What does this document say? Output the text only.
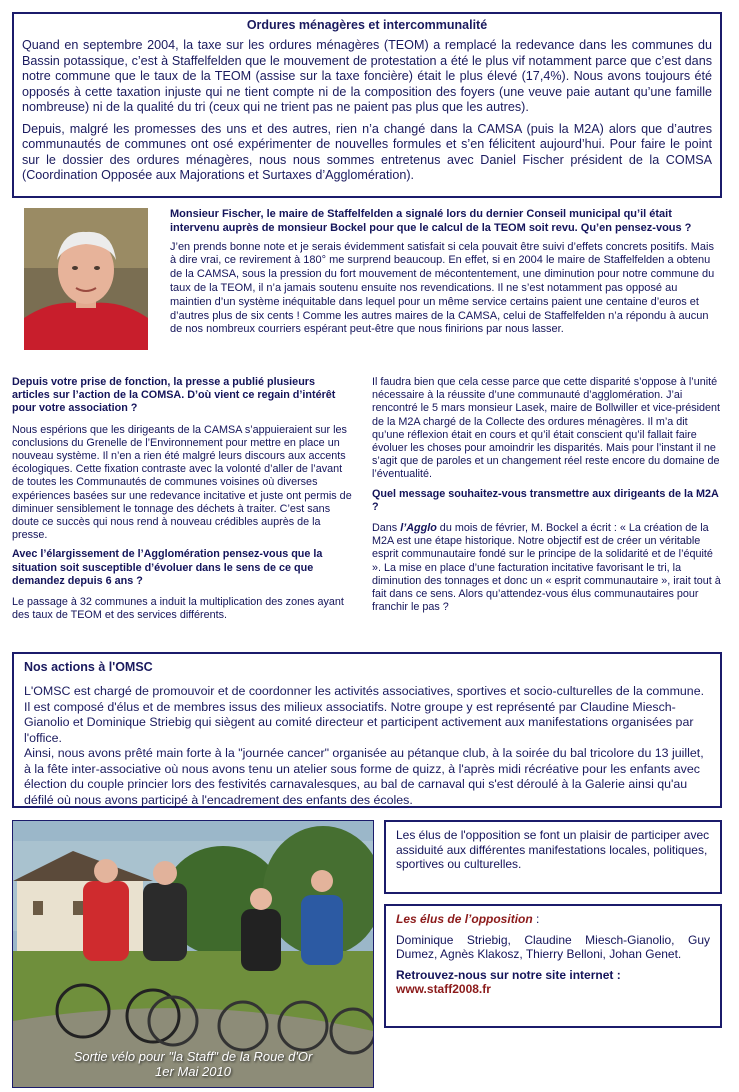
Ordures ménagères et intercommunalité

Quand en septembre 2004, la taxe sur les ordures ménagères (TEOM) a remplacé la redevance dans les communes du Bassin potassique, c’est à Staffelfelden que le mouvement de protestation a été le plus vif notamment parce que c’est dans notre commune que le taux de la TEOM (assise sur la taxe foncière) était le plus élevé (17,4%). Nous avons toujours été opposés à cette taxation injuste qui ne tient compte ni de la composition des foyers (une veuve paie autant qu’une famille nombreuse) ni de la qualité du tri (ceux qui ne trient pas ne paient pas plus que les autres).

Depuis, malgré les promesses des uns et des autres, rien n’a changé dans la CAMSA (puis la M2A) alors que d’autres communautés de communes ont osé expérimenter de nouvelles formules et s’en félicitent aujourd’hui. Pour faire le point sur le dossier des ordures ménagères, nous nous sommes entretenus avec Daniel Fischer président de la COMSA (Coordination Opposée aux Majorations et Surtaxes d’Agglomération).

Monsieur Fischer, le maire de Staffelfelden a signalé lors du dernier Conseil municipal qu’il était intervenu auprès de monsieur Bockel pour que le calcul de la TEOM soit revu. Qu’en pensez-vous ?

J’en prends bonne note et je serais évidemment satisfait si cela pouvait être suivi d’effets concrets positifs. Mais à dire vrai, ce revirement à 180° me surprend beaucoup. En effet, si en 2004 le maire de Staffelfelden a obtenu de la CAMSA, sous la pression du fort mouvement de mécontentement, une diminution pour notre commune du taux de la TEOM, il n’a jamais soutenu ensuite nos revendications. Il ne s’est notamment pas opposé au maintien d’un système inéquitable dans lequel pour un même service certains paient une centaine d’euros et d’autres plus de six cents ! Comme les autres maires de la CAMSA, celui de Staffelfelden n’a répondu à aucun de nos nombreux courriers espérant peut-être que nous finirions par nous lasser.

Depuis votre prise de fonction, la presse a publié plusieurs articles sur l’action de la COMSA. D’où vient ce regain d’intérêt pour votre association ?

Nous espérions que les dirigeants de la CAMSA s’appuieraient sur les conclusions du Grenelle de l’Environnement pour mettre en place un nouveau système. Il n’en a rien été malgré leurs discours aux accents écologiques. Cette fixation contraste avec la volonté d’aller de l’avant de toutes les Communautés de communes voisines où diverses expériences basées sur une redevance incitative et juste ont permis de diminuer sensiblement le tonnage des déchets à traiter. C’est sans doute ce succès qui nous rend à nouveau crédibles auprès de la presse.

Avec l’élargissement de l’Agglomération pensez-vous que la situation soit susceptible d’évoluer dans le sens de ce que demandez depuis 6 ans ?

Le passage à 32 communes a induit la multiplication des zones ayant des taux de TEOM et des services différents.

Il faudra bien que cela cesse parce que cette disparité s’oppose à l’unité nécessaire à la réussite d’une communauté d’agglomération. J’ai rencontré le 5 mars monsieur Lasek, maire de Bollwiller et vice-président de la M2A chargé de la Collecte des ordures ménagères. Il m’a dit qu’une réflexion était en cours et qu’il était conscient qu’il fallait faire évoluer les choses pour amoindrir les disparités. Mais pour l’instant il ne s’agit que de paroles et un changement réel reste encore du domaine de l’éventualité.

Quel message souhaitez-vous transmettre aux dirigeants de la M2A ?

Dans l’Agglo du mois de février, M. Bockel a écrit : « La création de la M2A est une étape historique. Notre objectif est de créer un véritable esprit communautaire fondé sur le principe de la solidarité et de l’équité ». La mise en place d’une facturation incitative favorisant le tri, la diminution des tonnages et donc un « esprit communautaire », irait tout à fait dans ce sens. Alors qu’attendez-vous élus communautaires pour franchir le pas ?

Nos actions à l'OMSC

L'OMSC est chargé de promouvoir et de coordonner les activités associatives, sportives et socio-culturelles de la commune. Il est composé d'élus et de membres issus des milieux associatifs. Notre groupe y est représenté par Claudine Miesch-Gianolio et Dominique Striebig qui siègent au comité directeur et participent activement aux manifestations organisées par l'office.

Ainsi, nous avons prêté main forte à la "journée cancer" organisée au pétanque club, à la soirée du bal tricolore du 13 juillet, à la fête inter-associative où nous avons tenu un atelier sous forme de quizz, à l'après midi récréative pour les enfants avec élection du couple princier lors des festivités carnavalesques, au bal de carnaval qui s'est déroulé à la Galerie ainsi qu'au défilé où nous avons participé à l'encadrement des enfants des écoles.

Sortie vélo pour "la Staff" de la Roue d'Or
1er Mai 2010
Les élus de l'opposition se font un plaisir de participer avec assiduité aux différentes manifestations locales, politiques, sportives ou culturelles.
Les élus de l’opposition :
Dominique Striebig, Claudine Miesch-Gianolio, Guy Dumez, Agnès Klakosz, Thierry Belloni, Johan Genet.

Retrouvez-nous sur notre site internet :

www.staff2008.fr
